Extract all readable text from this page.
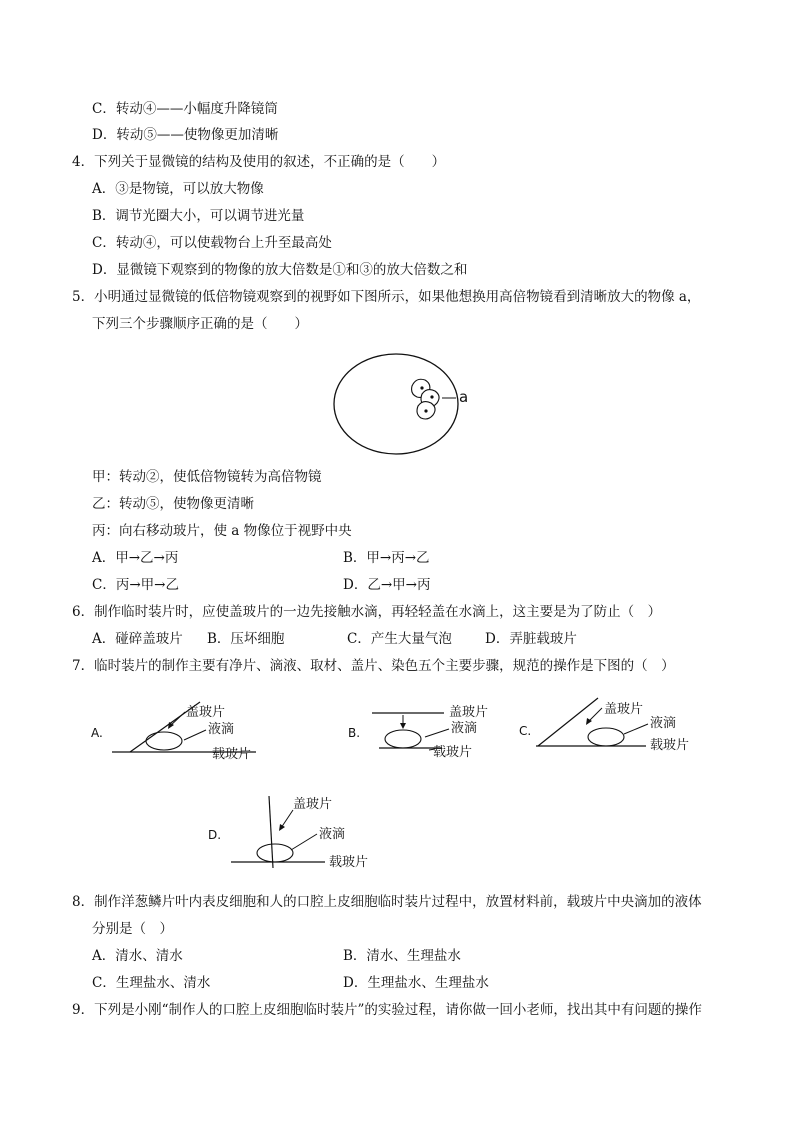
C．转动④——小幅度升降镜筒
D．转动⑤——使物像更加清晰
4．下列关于显微镜的结构及使用的叙述，不正确的是（　　）
A．③是物镜，可以放大物像
B．调节光圈大小，可以调节进光量
C．转动④，可以使载物台上升至最高处
D．显微镜下观察到的物像的放大倍数是①和③的放大倍数之和
5．小明通过显微镜的低倍物镜观察到的视野如下图所示，如果他想换用高倍物镜看到清晰放大的物像 a，
下列三个步骤顺序正确的是（　　）
a
甲：转动②，使低倍物镜转为高倍物镜
乙：转动⑤，使物像更清晰
丙：向右移动玻片，使 a 物像位于视野中央
A．甲→乙→丙	B．甲→丙→乙
C．丙→甲→乙	D．乙→甲→丙
6．制作临时装片时，应使盖玻片的一边先接触水滴，再轻轻盖在水滴上，这主要是为了防止（　）
A．碰碎盖玻片 B．压坏细胞	C．产生大量气泡 D．弄脏载玻片
7．临时装片的制作主要有净片、滴液、取材、盖片、染色五个主要步骤，规范的操作是下图的（　）
A.
盖玻片
液滴
载玻片
B.
盖玻片
液滴
载玻片
C.
盖玻片
液滴
载玻片
D.
盖玻片
液滴
载玻片
8．制作洋葱鳞片叶内表皮细胞和人的口腔上皮细胞临时装片过程中，放置材料前，载玻片中央滴加的液体
分别是（　）
A．清水、清水	B．清水、生理盐水
C．生理盐水、清水	D．生理盐水、生理盐水
9．下列是小刚“制作人的口腔上皮细胞临时装片”的实验过程，请你做一回小老师，找出其中有问题的操作
